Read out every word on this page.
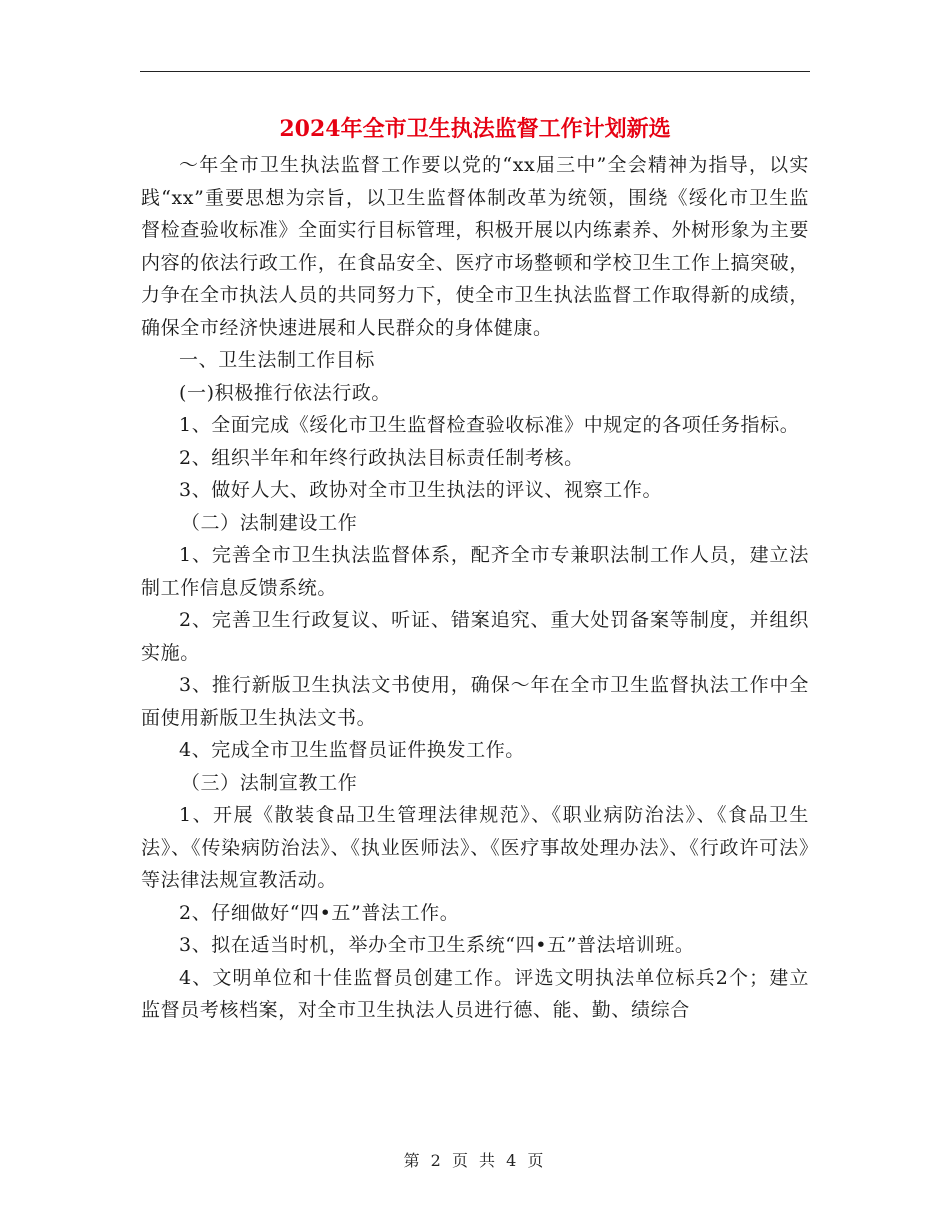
2024年全市卫生执法监督工作计划新选

～年全市卫生执法监督工作要以党的“xx届三中”全会精神为指导，以实践“xx”重要思想为宗旨，以卫生监督体制改革为统领，围绕《绥化市卫生监督检查验收标准》全面实行目标管理，积极开展以内练素养、外树形象为主要内容的依法行政工作，在食品安全、医疗市场整顿和学校卫生工作上搞突破，力争在全市执法人员的共同努力下，使全市卫生执法监督工作取得新的成绩，确保全市经济快速进展和人民群众的身体健康。

一、卫生法制工作目标

(一)积极推行依法行政。

1、全面完成《绥化市卫生监督检查验收标准》中规定的各项任务指标。

2、组织半年和年终行政执法目标责任制考核。

3、做好人大、政协对全市卫生执法的评议、视察工作。

（二）法制建设工作

1、完善全市卫生执法监督体系，配齐全市专兼职法制工作人员，建立法制工作信息反馈系统。

2、完善卫生行政复议、听证、错案追究、重大处罚备案等制度，并组织实施。

3、推行新版卫生执法文书使用，确保～年在全市卫生监督执法工作中全面使用新版卫生执法文书。

4、完成全市卫生监督员证件换发工作。

（三）法制宣教工作

1、开展《散装食品卫生管理法律规范》、《职业病防治法》、《食品卫生法》、《传染病防治法》、《执业医师法》、《医疗事故处理办法》、《行政许可法》等法律法规宣教活动。

2、仔细做好“四•五”普法工作。

3、拟在适当时机，举办全市卫生系统“四•五”普法培训班。

4、文明单位和十佳监督员创建工作。评选文明执法单位标兵2个；建立监督员考核档案，对全市卫生执法人员进行德、能、勤、绩综合

第 2 页 共 4 页
